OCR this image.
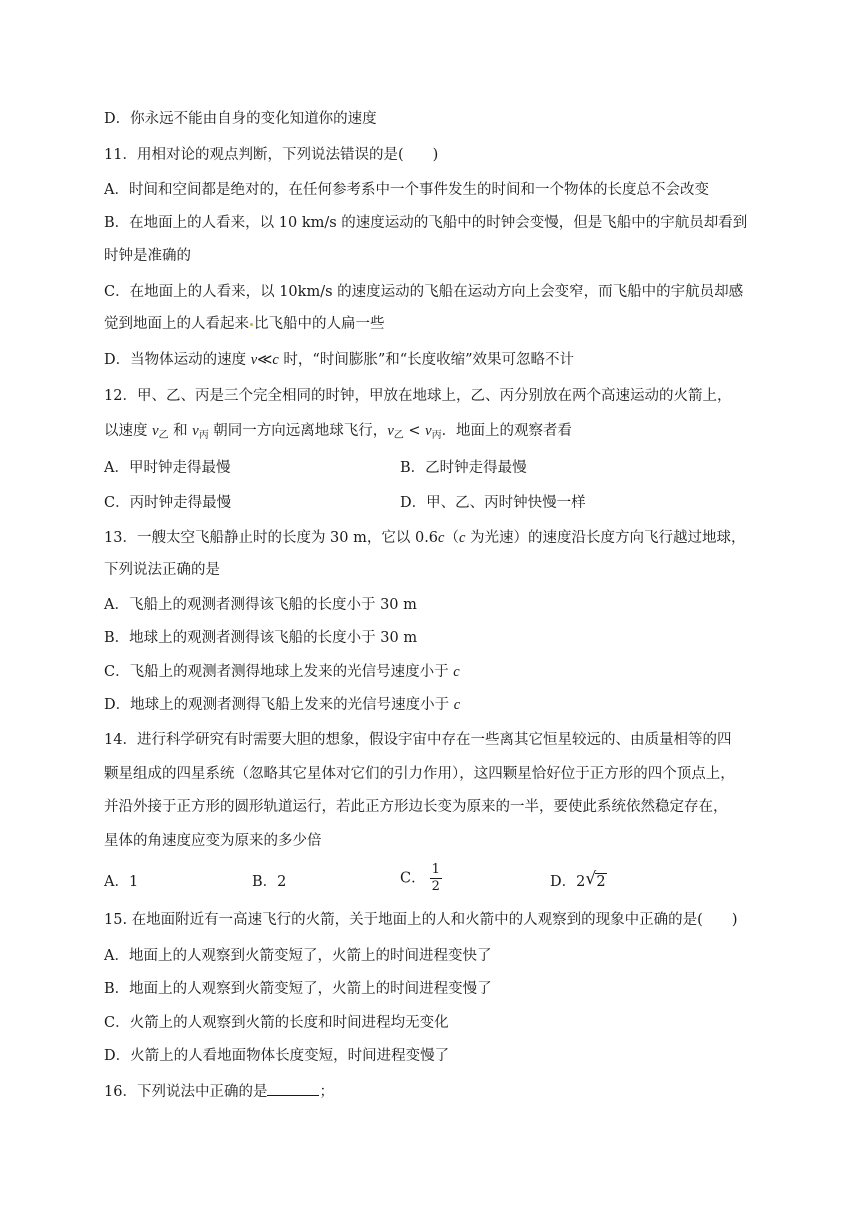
D．你永远不能由自身的变化知道你的速度
11．用相对论的观点判断，下列说法错误的是(　　)
A．时间和空间都是绝对的，在任何参考系中一个事件发生的时间和一个物体的长度总不会改变
B．在地面上的人看来，以 10 km/s 的速度运动的飞船中的时钟会变慢，但是飞船中的宇航员却看到
时钟是准确的
C．在地面上的人看来，以 10km/s 的速度运动的飞船在运动方向上会变窄，而飞船中的宇航员却感
觉到地面上的人看起来 比飞船中的人扁一些
D．当物体运动的速度 v≪c 时，“时间膨胀”和“长度收缩”效果可忽略不计
12．甲、乙、丙是三个完全相同的时钟，甲放在地球上，乙、丙分别放在两个高速运动的火箭上，
以速度 $v_乙$ 和 $v_丙$ 朝同一方向远离地球飞行，$v_乙 < v_丙$．地面上的观察者看
A．甲时钟走得最慢	B．乙时钟走得最慢
C．丙时钟走得最慢	D．甲、乙、丙时钟快慢一样
13．一艘太空飞船静止时的长度为 30 m，它以 0.6c（c 为光速）的速度沿长度方向飞行越过地球，
下列说法正确的是
A．飞船上的观测者测得该飞船的长度小于 30 m
B．地球上的观测者测得该飞船的长度小于 30 m
C．飞船上的观测者测得地球上发来的光信号速度小于 c
D．地球上的观测者测得飞船上发来的光信号速度小于 c
14．进行科学研究有时需要大胆的想象，假设宇宙中存在一些离其它恒星较远的、由质量相等的四
颗星组成的四星系统（忽略其它星体对它们的引力作用），这四颗星恰好位于正方形的四个顶点上，
并沿外接于正方形的圆形轨道运行，若此正方形边长变为原来的一半，要使此系统依然稳定存在，
星体的角速度应变为原来的多少倍
A．1	B．2	C． $\frac{1}{2}$	D．2 √ 2
15. 在地面附近有一高速飞行的火箭，关于地面上的人和火箭中的人观察到的现象中正确的是(　　)
A．地面上的人观察到火箭变短了，火箭上的时间进程变快了
B．地面上的人观察到火箭变短了，火箭上的时间进程变慢了
C．火箭上的人观察到火箭的长度和时间进程均无变化
D．火箭上的人看地面物体长度变短，时间进程变慢了
16．下列说法中正确的是	；
